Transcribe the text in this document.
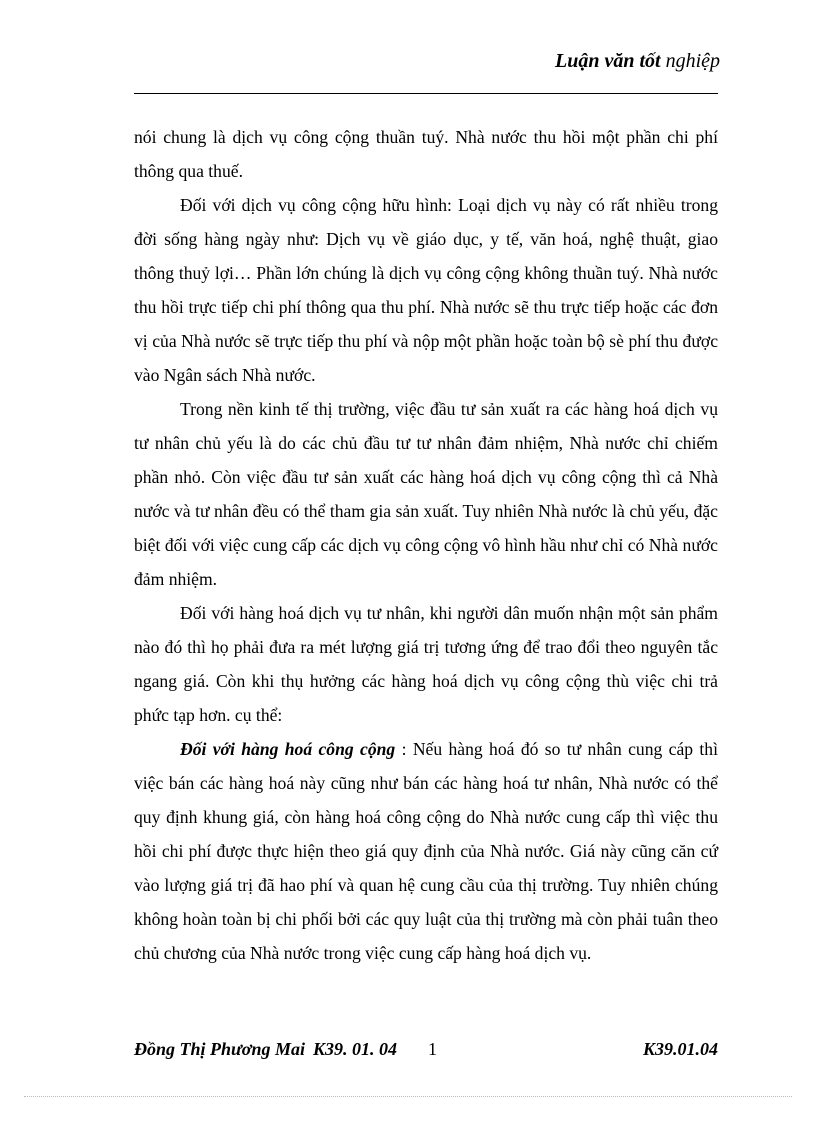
Luận văn tốt nghiệp

nói chung là dịch vụ công cộng thuần tuý. Nhà nước thu hồi một phần chi phí thông qua thuế.

Đối với dịch vụ công cộng hữu hình: Loại dịch vụ này có rất nhiều trong đời sống hàng ngày như: Dịch vụ về giáo dục, y tế, văn hoá, nghệ thuật, giao thông thuỷ lợi… Phần lớn chúng là dịch vụ công cộng không thuần tuý. Nhà nước thu hồi trực tiếp chi phí thông qua thu phí. Nhà nước sẽ thu trực tiếp hoặc các đơn vị của Nhà nước sẽ trực tiếp thu phí và nộp một phần hoặc toàn bộ sè phí thu được vào Ngân sách Nhà nước.

Trong nền kinh tế thị trường, việc đầu tư sản xuất ra các hàng hoá dịch vụ tư nhân chủ yếu là do các chủ đầu tư tư nhân đảm nhiệm, Nhà nước chỉ chiếm phần nhỏ. Còn việc đầu tư sản xuất các hàng hoá dịch vụ công cộng thì cả Nhà nước và tư nhân đều có thể tham gia sản xuất. Tuy nhiên Nhà nước là chủ yếu, đặc biệt đối với việc cung cấp các dịch vụ công cộng vô hình hầu như chỉ có Nhà nước đảm nhiệm.

Đối với hàng hoá dịch vụ tư nhân, khi người dân muốn nhận một sản phẩm nào đó thì họ phải đưa ra mét lượng giá trị tương ứng để trao đổi theo nguyên tắc ngang giá. Còn khi thụ hưởng các hàng hoá dịch vụ công cộng thù việc chi trả phức tạp hơn. cụ thể:

Đối với hàng hoá công cộng : Nếu hàng hoá đó so tư nhân cung cáp thì việc bán các hàng hoá này cũng như bán các hàng hoá tư nhân, Nhà nước có thể quy định khung giá, còn hàng hoá công cộng do Nhà nước cung cấp thì việc thu hồi chi phí được thực hiện theo giá quy định của Nhà nước. Giá này cũng căn cứ vào lượng giá trị đã hao phí và quan hệ cung cầu của thị trường. Tuy nhiên chúng không hoàn toàn bị chi phối bởi các quy luật của thị trường mà còn phải tuân theo chủ chương của Nhà nước trong việc cung cấp hàng hoá dịch vụ.

Đồng Thị Phương Mai K39. 01. 04 1	K39.01.04
